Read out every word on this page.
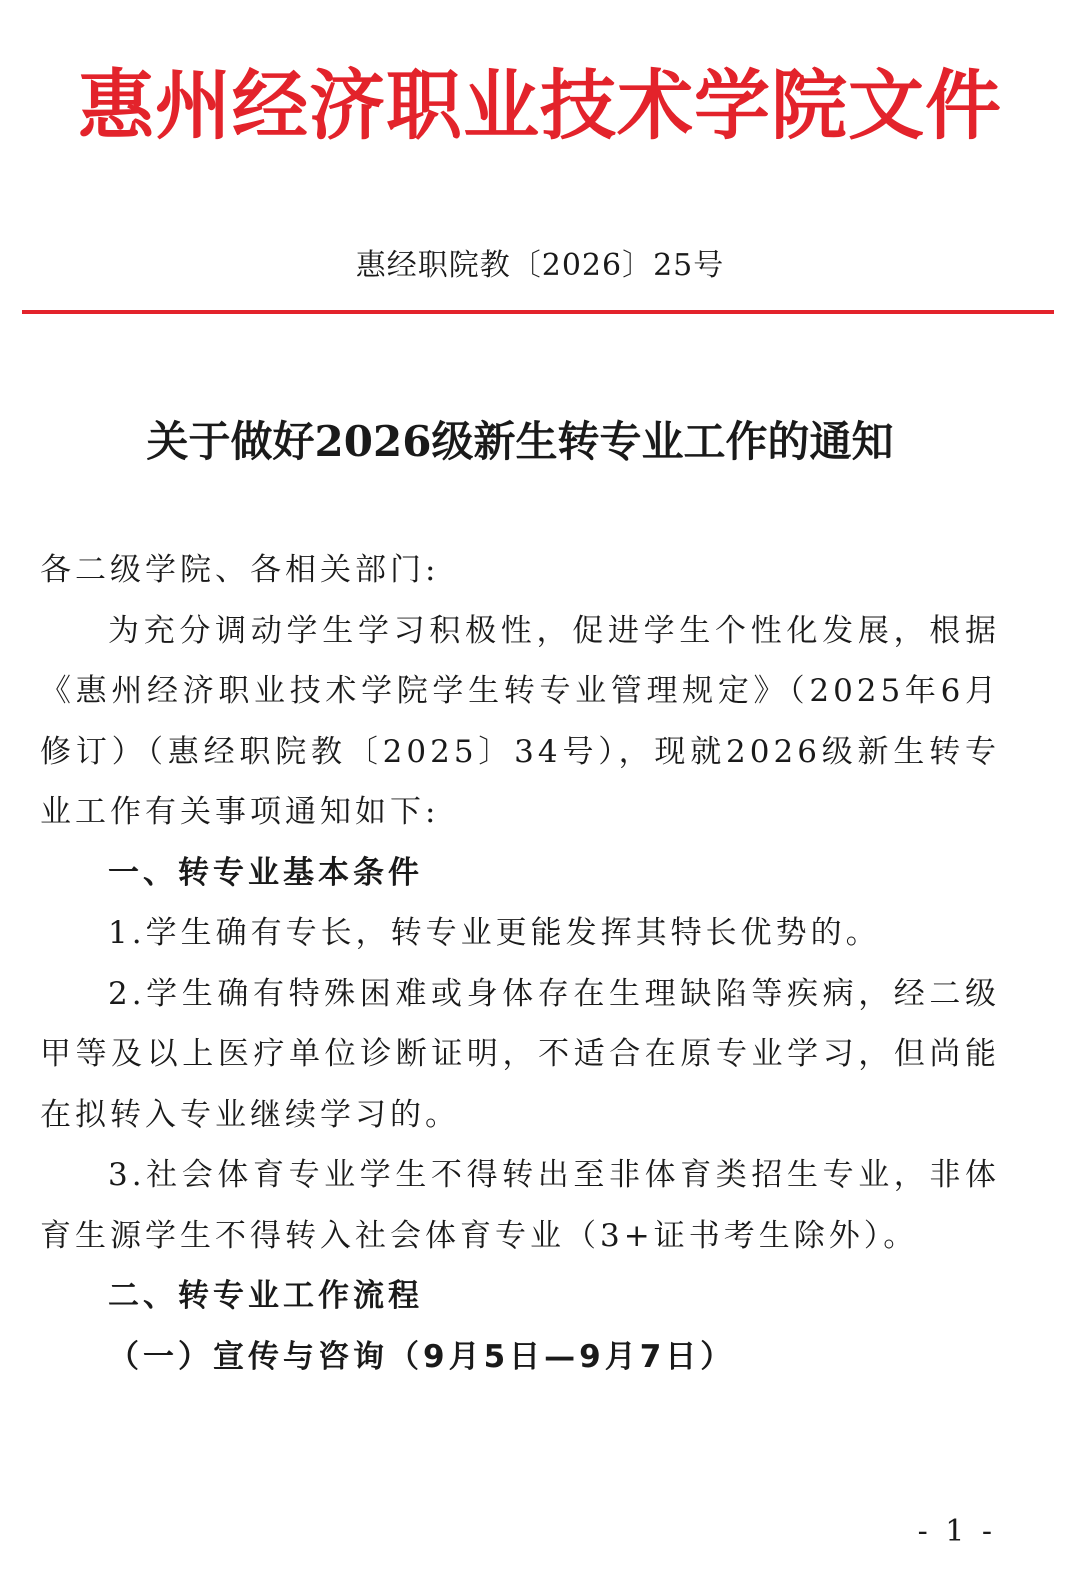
惠州经济职业技术学院文件
惠经职院教〔2026〕25号
关于做好2026级新生转专业工作的通知

各二级学院、各相关部门:

为充分调动学生学习积极性，促进学生个性化发展，根据《惠州经济职业技术学院学生转专业管理规定》（2025年6月修订）（惠经职院教〔2025〕34号），现就2026级新生转专业工作有关事项通知如下:

一、转专业基本条件

1.学生确有专长，转专业更能发挥其特长优势的。

2.学生确有特殊困难或身体存在生理缺陷等疾病，经二级甲等及以上医疗单位诊断证明，不适合在原专业学习，但尚能在拟转入专业继续学习的。

3.社会体育专业学生不得转出至非体育类招生专业，非体育生源学生不得转入社会体育专业（3+证书考生除外）。

二、转专业工作流程

（一）宣传与咨询（9月5日—9月7日）

- 1 -
